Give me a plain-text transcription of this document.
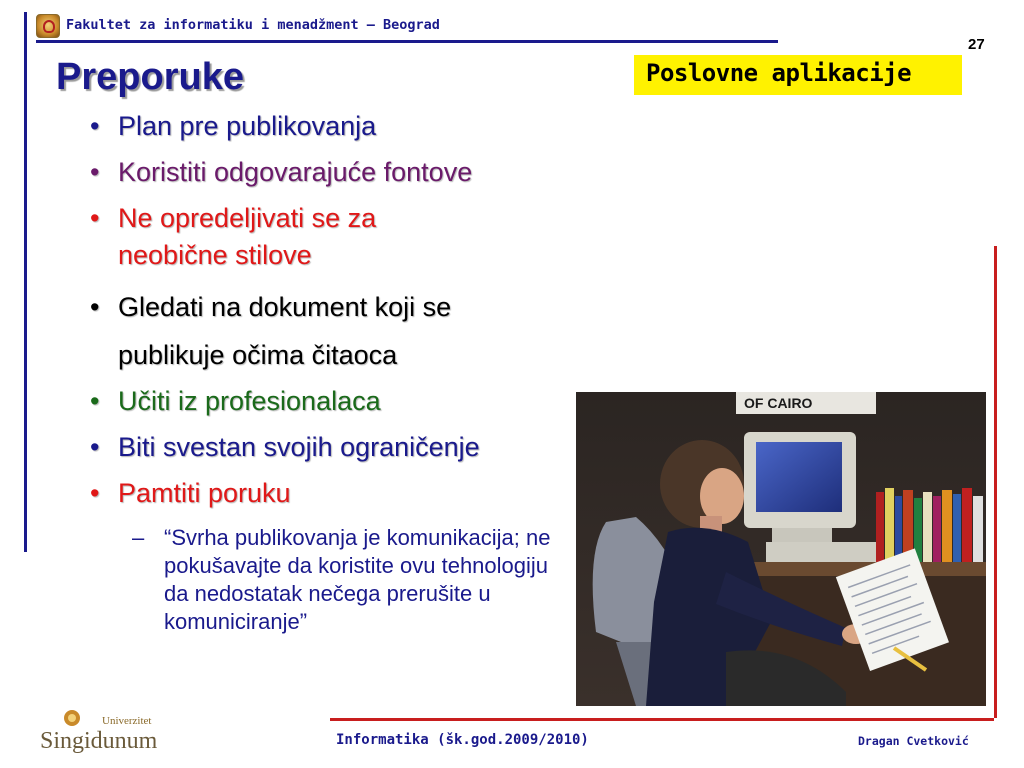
Fakultet za informatiku i menadžment – Beograd
27
Poslovne aplikacije
Preporuke
• Plan pre publikovanja
• Koristiti odgovarajuće fontove
• Ne opredeljivati se za neobične stilove
• Gledati na dokument koji se publikuje očima čitaoca
• Učiti iz profesionalaca
• Biti svestan svojih ograničenje
• Pamtiti poruku
– “Svrha publikovanja je komunikacija; ne pokušavajte da koristite ovu tehnologiju da nedostatak nečega prerušite u komuniciranje”
OF CAIRO
Univerzitet
Singidunum	Informatika (šk.god.2009/2010)	Dragan Cvetković
